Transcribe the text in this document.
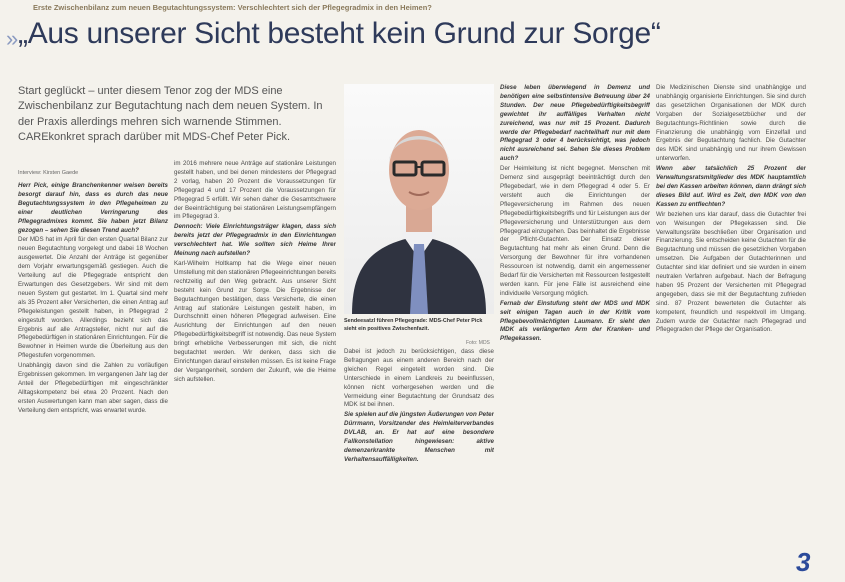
Erste Zwischenbilanz zum neuen Begutachtungssystem: Verschlechtert sich der Pflegegradmix in den Heimen?
» „Aus unserer Sicht besteht kein Grund zur Sorge“
Start geglückt – unter diesem Tenor zog der MDS eine Zwischenbilanz zur Begutachtung nach dem neuen System. In der Praxis allerdings mehren sich warnende Stimmen. CAREkonkret sprach darüber mit MDS-Chef Peter Pick.
Interview: Kirsten Gaede

Herr Pick, einige Branchenkenner weisen bereits besorgt darauf hin, dass es durch das neue Begutachtungssystem in den Pflegeheimen zu einer deutlichen Verringerung des Pflegegradmixes kommt. Sie haben jetzt Bilanz gezogen – sehen Sie diesen Trend auch?

Der MDS hat im April für den ersten Quartal Bilanz zur neuen Begutachtung vorgelegt und dabei 18 Wochen ausgewertet. Die Anzahl der Anträge ist gegenüber dem Vorjahr erwartungsgemäß gestiegen. Auch die Verteilung auf die Pflegegrade entspricht den Erwartungen des Gesetzgebers. Wir sind mit dem neuen System gut gestartet. Im 1. Quartal sind mehr als 35 Prozent aller Versicherten, die einen Antrag auf Pflegeleistungen gestellt haben, in Pflegegrad 2 eingestuft worden. Allerdings bezieht sich das Ergebnis auf alle Antragsteller, nicht nur auf die Pflegebedürftigen in stationären Einrichtungen. Für die Bewohner in Heimen wurde die Überleitung aus den Pflegestufen vorgenommen.

Unabhängig davon sind die Zahlen zu vorläufigen Ergebnissen gekommen. Im vergangenen Jahr lag der Anteil der Pflegebedürftigen mit eingeschränkter Alltagskompetenz bei etwa 20 Prozent. Nach den ersten Auswertungen kann man aber sagen, dass die Verteilung dem entspricht, was erwartet wurde.

im 2016 mehrere neue Anträge auf stationäre Leistungen gestellt haben, und bei denen mindestens der Pflegegrad 2 vorlag, haben 20 Prozent die Voraussetzungen für Pflegegrad 4 und 17 Prozent die Voraussetzungen für Pflegegrad 5 erfüllt. Wir sehen daher die Gesamtschwere der Beeinträchtigung bei stationären Leistungsempfängern im Pflegegrad 3.

Dennoch: Viele Einrichtungsträger klagen, dass sich bereits jetzt der Pflegegradmix in den Einrichtungen verschlechtert hat. Wie sollten sich Heime Ihrer Meinung nach aufstellen?

Karl-Wilhelm Holtkamp hat die Wege einer neuen Umstellung mit den stationären Pflegeeinrichtungen bereits rechtzeitig auf den Weg gebracht. Aus unserer Sicht besteht kein Grund zur Sorge. Die Ergebnisse der Begutachtungen bestätigen, dass Versicherte, die einen Antrag auf stationäre Leistungen gestellt haben, im Durchschnitt einen höheren Pflegegrad aufweisen. Eine Ausrichtung der Einrichtungen auf den neuen Pflegebedürftigkeitsbegriff ist notwendig. Das neue System bringt erhebliche Verbesserungen mit sich, die nicht begutachtet werden. Wir denken, dass sich die Einrichtungen darauf einstellen müssen. Es ist keine Frage der Vergangenheit, sondern der Zukunft, wie die Heime sich aufstellen.

Sendeesatzl führen Pflegegrade: MDS-Chef Peter Pick sieht ein positives Zwischenfazit.
Foto: MDS

Dabei ist jedoch zu berücksichtigen, dass diese Befragungen aus einem anderen Bereich nach der gleichen Regel eingeteilt worden sind. Die Unterschiede in einem Landkreis zu beeinflussen, können nicht vorhergesehen werden und die Vermeidung einer Begutachtung der Grundsatz des MDK ist bei ihnen.

Sie spielen auf die jüngsten Äußerungen von Peter Dürrmann, Vorsitzender des Heimleiterverbandes DVLAB, an. Er hat auf eine besondere Fallkonstellation hingewiesen: aktive demenzerkrankte Menschen mit Verhaltensauffälligkeiten.

Diese leben überwiegend in Demenz und benötigen eine selbstintensive Betreuung über 24 Stunden. Der neue Pflegebedürftigkeitsbegriff gewichtet ihr auffälliges Verhalten nicht zureichend, was nur mit 15 Prozent. Dadurch werde der Pflegebedarf nachteilhaft nur mit dem Pflegegrad 3 oder 4 berücksichtigt, was jedoch nicht ausreichend sei. Sehen Sie dieses Problem auch?

Der Heimleitung ist nicht begegnet. Menschen mit Demenz sind ausgeprägt beeinträchtigt durch den Pflegebedarf, wie in dem Pflegegrad 4 oder 5. Er versteht auch die Einrichtungen der Pflegeversicherung im Rahmen des neuen Pflegebedürftigkeitsbegriffs und für Leistungen aus der Pflegeversicherung und Unterstützungen aus dem Pflegegrad einzugehen. Das beinhaltet die Ergebnisse der Pflicht-Gutachten. Der Einsatz dieser Begutachtung hat mehr als einen Grund. Denn die Versorgung der Bewohner für ihre vorhandenen Ressourcen ist notwendig, damit ein angemessener Bedarf für die Versicherten mit Ressourcen festgestellt werden kann. Für jene Fälle ist ausreichend eine individuelle Versorgung möglich.

Fernab der Einstufung steht der MDS und MDK seit einigen Tagen auch in der Kritik vom Pflegebevollmächtigten Laumann. Er sieht den MDK als verlängerten Arm der Kranken- und Pflegekassen.

Die Medizinischen Dienste sind unabhängige und unabhängig organisierte Einrichtungen. Sie sind durch das gesetzlichen Organisationen der MDK durch Vorgaben der Sozialgesetzbücher und der Begutachtungs-Richtlinien sowie durch die Finanzierung die unabhängig vom Einzelfall und Ergebnis der Begutachtung fachlich. Die Gutachter des MDK sind unabhängig und nur ihrem Gewissen unterworfen.

Wenn aber tatsächlich 25 Prozent der Verwaltungsratsmitglieder des MDK hauptamtlich bei den Kassen arbeiten können, dann drängt sich dieses Bild auf. Wird es Zeit, den MDK von den Kassen zu entflechten?

Wir beziehen uns klar darauf, dass die Gutachter frei von Weisungen der Pflegekassen sind. Die Verwaltungsräte beschließen über Organisation und Finanzierung. Sie entscheiden keine Gutachten für die Begutachtung und müssen die gesetzlichen Vorgaben umsetzen. Die Aufgaben der Gutachterinnen und Gutachter sind klar definiert und sie wurden in einem neutralen Verfahren aufgebaut. Nach der Befragung haben 95 Prozent der Versicherten mit Pflegegrad angegeben, dass sie mit der Begutachtung zufrieden sind. 87 Prozent bewerteten die Gutachter als kompetent, freundlich und respektvoll im Umgang. Zudem wurde der Gutachter nach Pflegegrad und Pflegegraden der Pflege der Organisation.

3
